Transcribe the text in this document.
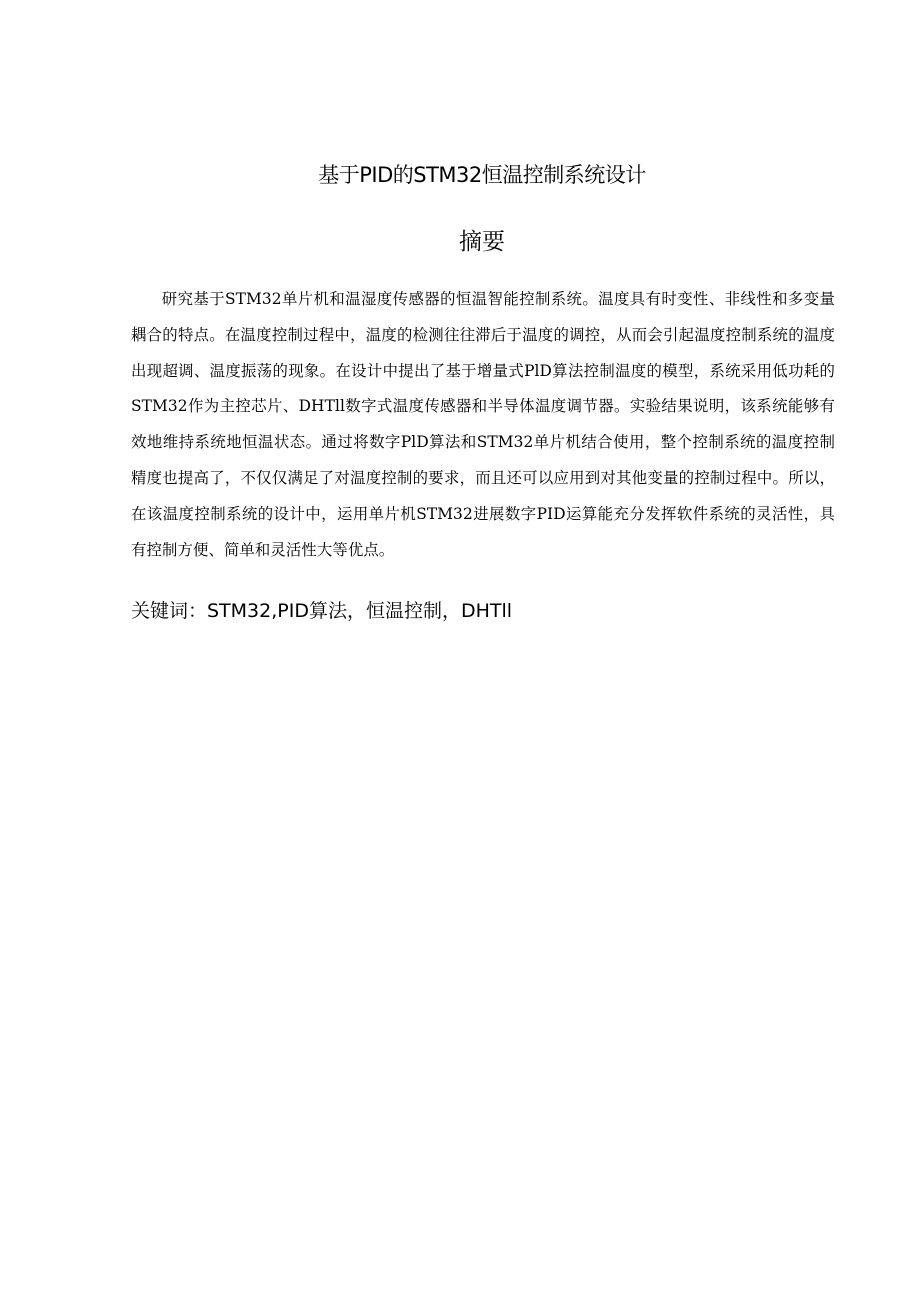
基于PID的STM32恒温控制系统设计
摘要

研究基于STM32单片机和温湿度传感器的恒温智能控制系统。温度具有时变性、非线性和多变量耦合的特点。在温度控制过程中，温度的检测往往滞后于温度的调控，从而会引起温度控制系统的温度出现超调、温度振荡的现象。在设计中提出了基于增量式PlD算法控制温度的模型，系统采用低功耗的STM32作为主控芯片、DHTll数字式温度传感器和半导体温度调节器。实验结果说明，该系统能够有效地维持系统地恒温状态。通过将数字PlD算法和STM32单片机结合使用，整个控制系统的温度控制精度也提高了，不仅仅满足了对温度控制的要求，而且还可以应用到对其他变量的控制过程中。所以，在该温度控制系统的设计中，运用单片机STM32进展数字PID运算能充分发挥软件系统的灵活性，具有控制方便、简单和灵活性大等优点。

关键词：STM32,PID算法，恒温控制，DHTll
